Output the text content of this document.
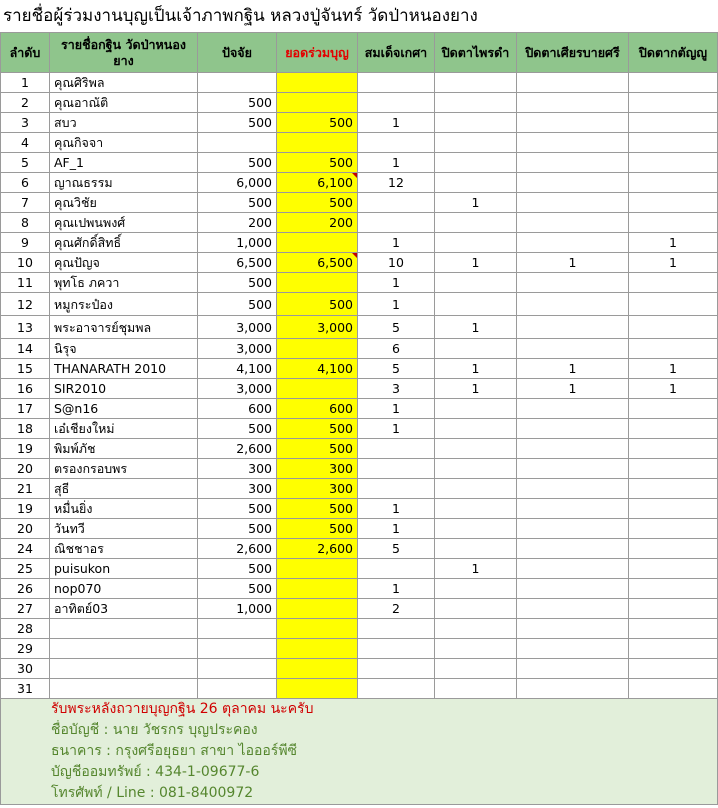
รายชื่อผู้ร่วมงานบุญเป็นเจ้าภาพกฐิน หลวงปู่จันทร์ วัดป่าหนองยาง
ลำดับ	รายชื่อกฐิน วัดป่าหนองยาง	ปัจจัย	ยอดร่วมบุญ	สมเด็จเกศา	ปิดตาไพรดำ	ปิดตาเศียรบายศรี	ปิดตากตัญญู
1	คุณศิริพล						
2	คุณอาณัติ	500					
3	สบว	500	500	1			
4	คุณกิจจา						
5	AF_1	500	500	1			
6	ญาณธรรม	6,000	6,100	12			
7	คุณวิชัย	500	500		1		
8	คุณเปพนพงศ์	200	200				
9	คุณศักดิ์สิทธิ์	1,000		1			1
10	คุณปัญจ	6,500	6,500	10	1	1	1
11	พุทโธ ภควา	500		1			
12	หมูกระป๋อง	500	500	1			
13	พระอาจารย์ชุมพล	3,000	3,000	5	1		
14	นิรุจ	3,000		6			
15	THANARATH 2010	4,100	4,100	5	1	1	1
16	SIR2010	3,000		3	1	1	1
17	S@n16	600	600	1			
18	เอ๋เชียงใหม่	500	500	1			
19	พิมพ์ภัช	2,600	500				
20	ตรองกรอบพร	300	300				
21	สุธี	300	300				
19	หมื่นยิ่ง	500	500	1			
20	วันทวี	500	500	1			
24	ณิชชาอร	2,600	2,600	5			
25	puisukon	500			1		
26	nop070	500		1			
27	อาทิตย์03	1,000		2			
28							
29							
30							
31							
รับพระหลังถวายบุญกฐิน 26 ตุลาคม นะครับ							
ชื่อบัญชี : นาย วัชรกร บุญประคอง							
ธนาคาร : กรุงศรีอยุธยา สาขา ไอออร์พีซี							
บัญชีออมทรัพย์ : 434-1-09677-6							
โทรศัพท์ / Line : 081-8400972							
